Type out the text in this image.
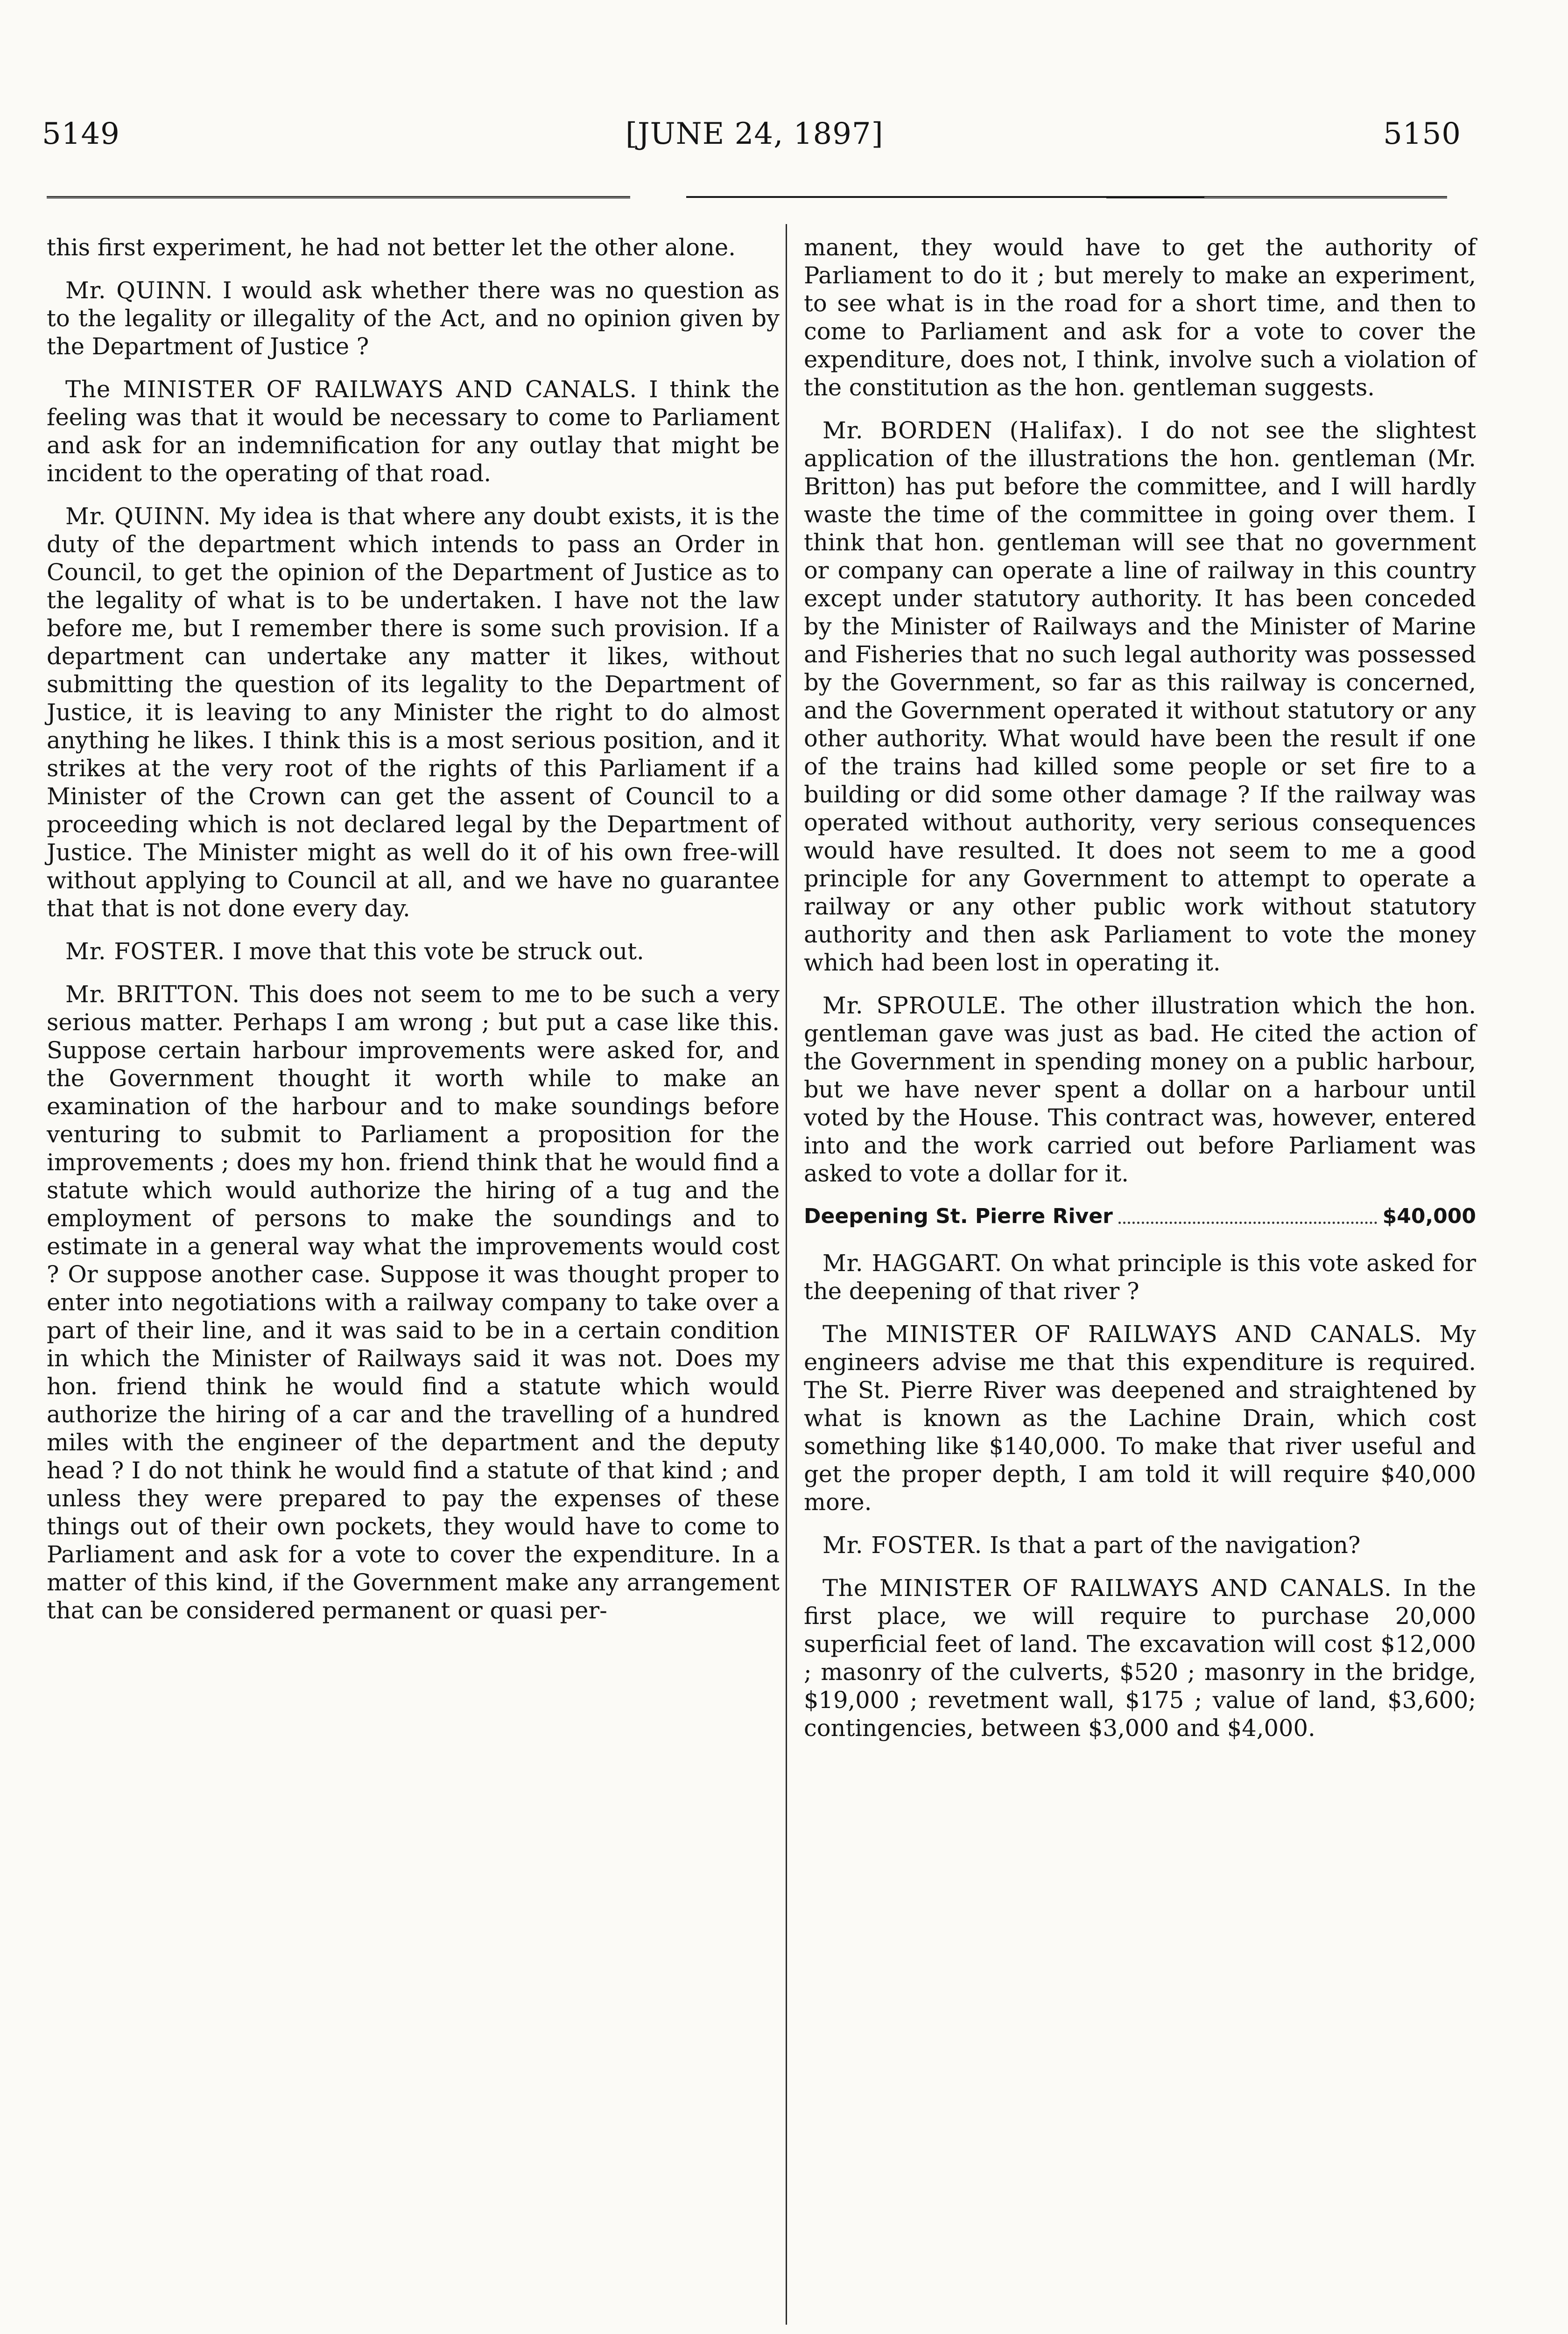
5149	[JUNE 24, 1897]	5150

this first experiment, he had not better let the other alone.

Mr. QUINN. I would ask whether there was no question as to the legality or illegality of the Act, and no opinion given by the Department of Justice ?

The MINISTER OF RAILWAYS AND CANALS. I think the feeling was that it would be necessary to come to Parliament and ask for an indemnification for any outlay that might be incident to the operating of that road.

Mr. QUINN. My idea is that where any doubt exists, it is the duty of the department which intends to pass an Order in Council, to get the opinion of the Department of Justice as to the legality of what is to be undertaken. I have not the law before me, but I remember there is some such provision. If a department can undertake any matter it likes, without submitting the question of its legality to the Department of Justice, it is leaving to any Minister the right to do almost anything he likes. I think this is a most serious position, and it strikes at the very root of the rights of this Parliament if a Minister of the Crown can get the assent of Council to a proceeding which is not declared legal by the Department of Justice. The Minister might as well do it of his own free-will without applying to Council at all, and we have no guarantee that that is not done every day.

Mr. FOSTER. I move that this vote be struck out.

Mr. BRITTON. This does not seem to me to be such a very serious matter. Perhaps I am wrong ; but put a case like this. Suppose certain harbour improvements were asked for, and the Government thought it worth while to make an examination of the harbour and to make soundings before venturing to submit to Parliament a proposition for the improvements ; does my hon. friend think that he would find a statute which would authorize the hiring of a tug and the employment of persons to make the soundings and to estimate in a general way what the improvements would cost ? Or suppose another case. Suppose it was thought proper to enter into negotiations with a railway company to take over a part of their line, and it was said to be in a certain condition in which the Minister of Railways said it was not. Does my hon. friend think he would find a statute which would authorize the hiring of a car and the travelling of a hundred miles with the engineer of the department and the deputy head ? I do not think he would find a statute of that kind ; and unless they were prepared to pay the expenses of these things out of their own pockets, they would have to come to Parliament and ask for a vote to cover the expenditure. In a matter of this kind, if the Government make any arrangement that can be considered permanent or quasi per-

manent, they would have to get the authority of Parliament to do it ; but merely to make an experiment, to see what is in the road for a short time, and then to come to Parliament and ask for a vote to cover the expenditure, does not, I think, involve such a violation of the constitution as the hon. gentleman suggests.

Mr. BORDEN (Halifax). I do not see the slightest application of the illustrations the hon. gentleman (Mr. Britton) has put before the committee, and I will hardly waste the time of the committee in going over them. I think that hon. gentleman will see that no government or company can operate a line of railway in this country except under statutory authority. It has been conceded by the Minister of Railways and the Minister of Marine and Fisheries that no such legal authority was possessed by the Government, so far as this railway is concerned, and the Government operated it without statutory or any other authority. What would have been the result if one of the trains had killed some people or set fire to a building or did some other damage ? If the railway was operated without authority, very serious consequences would have resulted. It does not seem to me a good principle for any Government to attempt to operate a railway or any other public work without statutory authority and then ask Parliament to vote the money which had been lost in operating it.

Mr. SPROULE. The other illustration which the hon. gentleman gave was just as bad. He cited the action of the Government in spending money on a public harbour, but we have never spent a dollar on a harbour until voted by the House. This contract was, however, entered into and the work carried out before Parliament was asked to vote a dollar for it.

Deepening St. Pierre River	$40,000

Mr. HAGGART. On what principle is this vote asked for the deepening of that river ?

The MINISTER OF RAILWAYS AND CANALS. My engineers advise me that this expenditure is required. The St. Pierre River was deepened and straightened by what is known as the Lachine Drain, which cost something like $140,000. To make that river useful and get the proper depth, I am told it will require $40,000 more.

Mr. FOSTER. Is that a part of the navigation?

The MINISTER OF RAILWAYS AND CANALS. In the first place, we will require to purchase 20,000 superficial feet of land. The excavation will cost $12,000 ; masonry of the culverts, $520 ; masonry in the bridge, $19,000 ; revetment wall, $175 ; value of land, $3,600; contingencies, between $3,000 and $4,000.
